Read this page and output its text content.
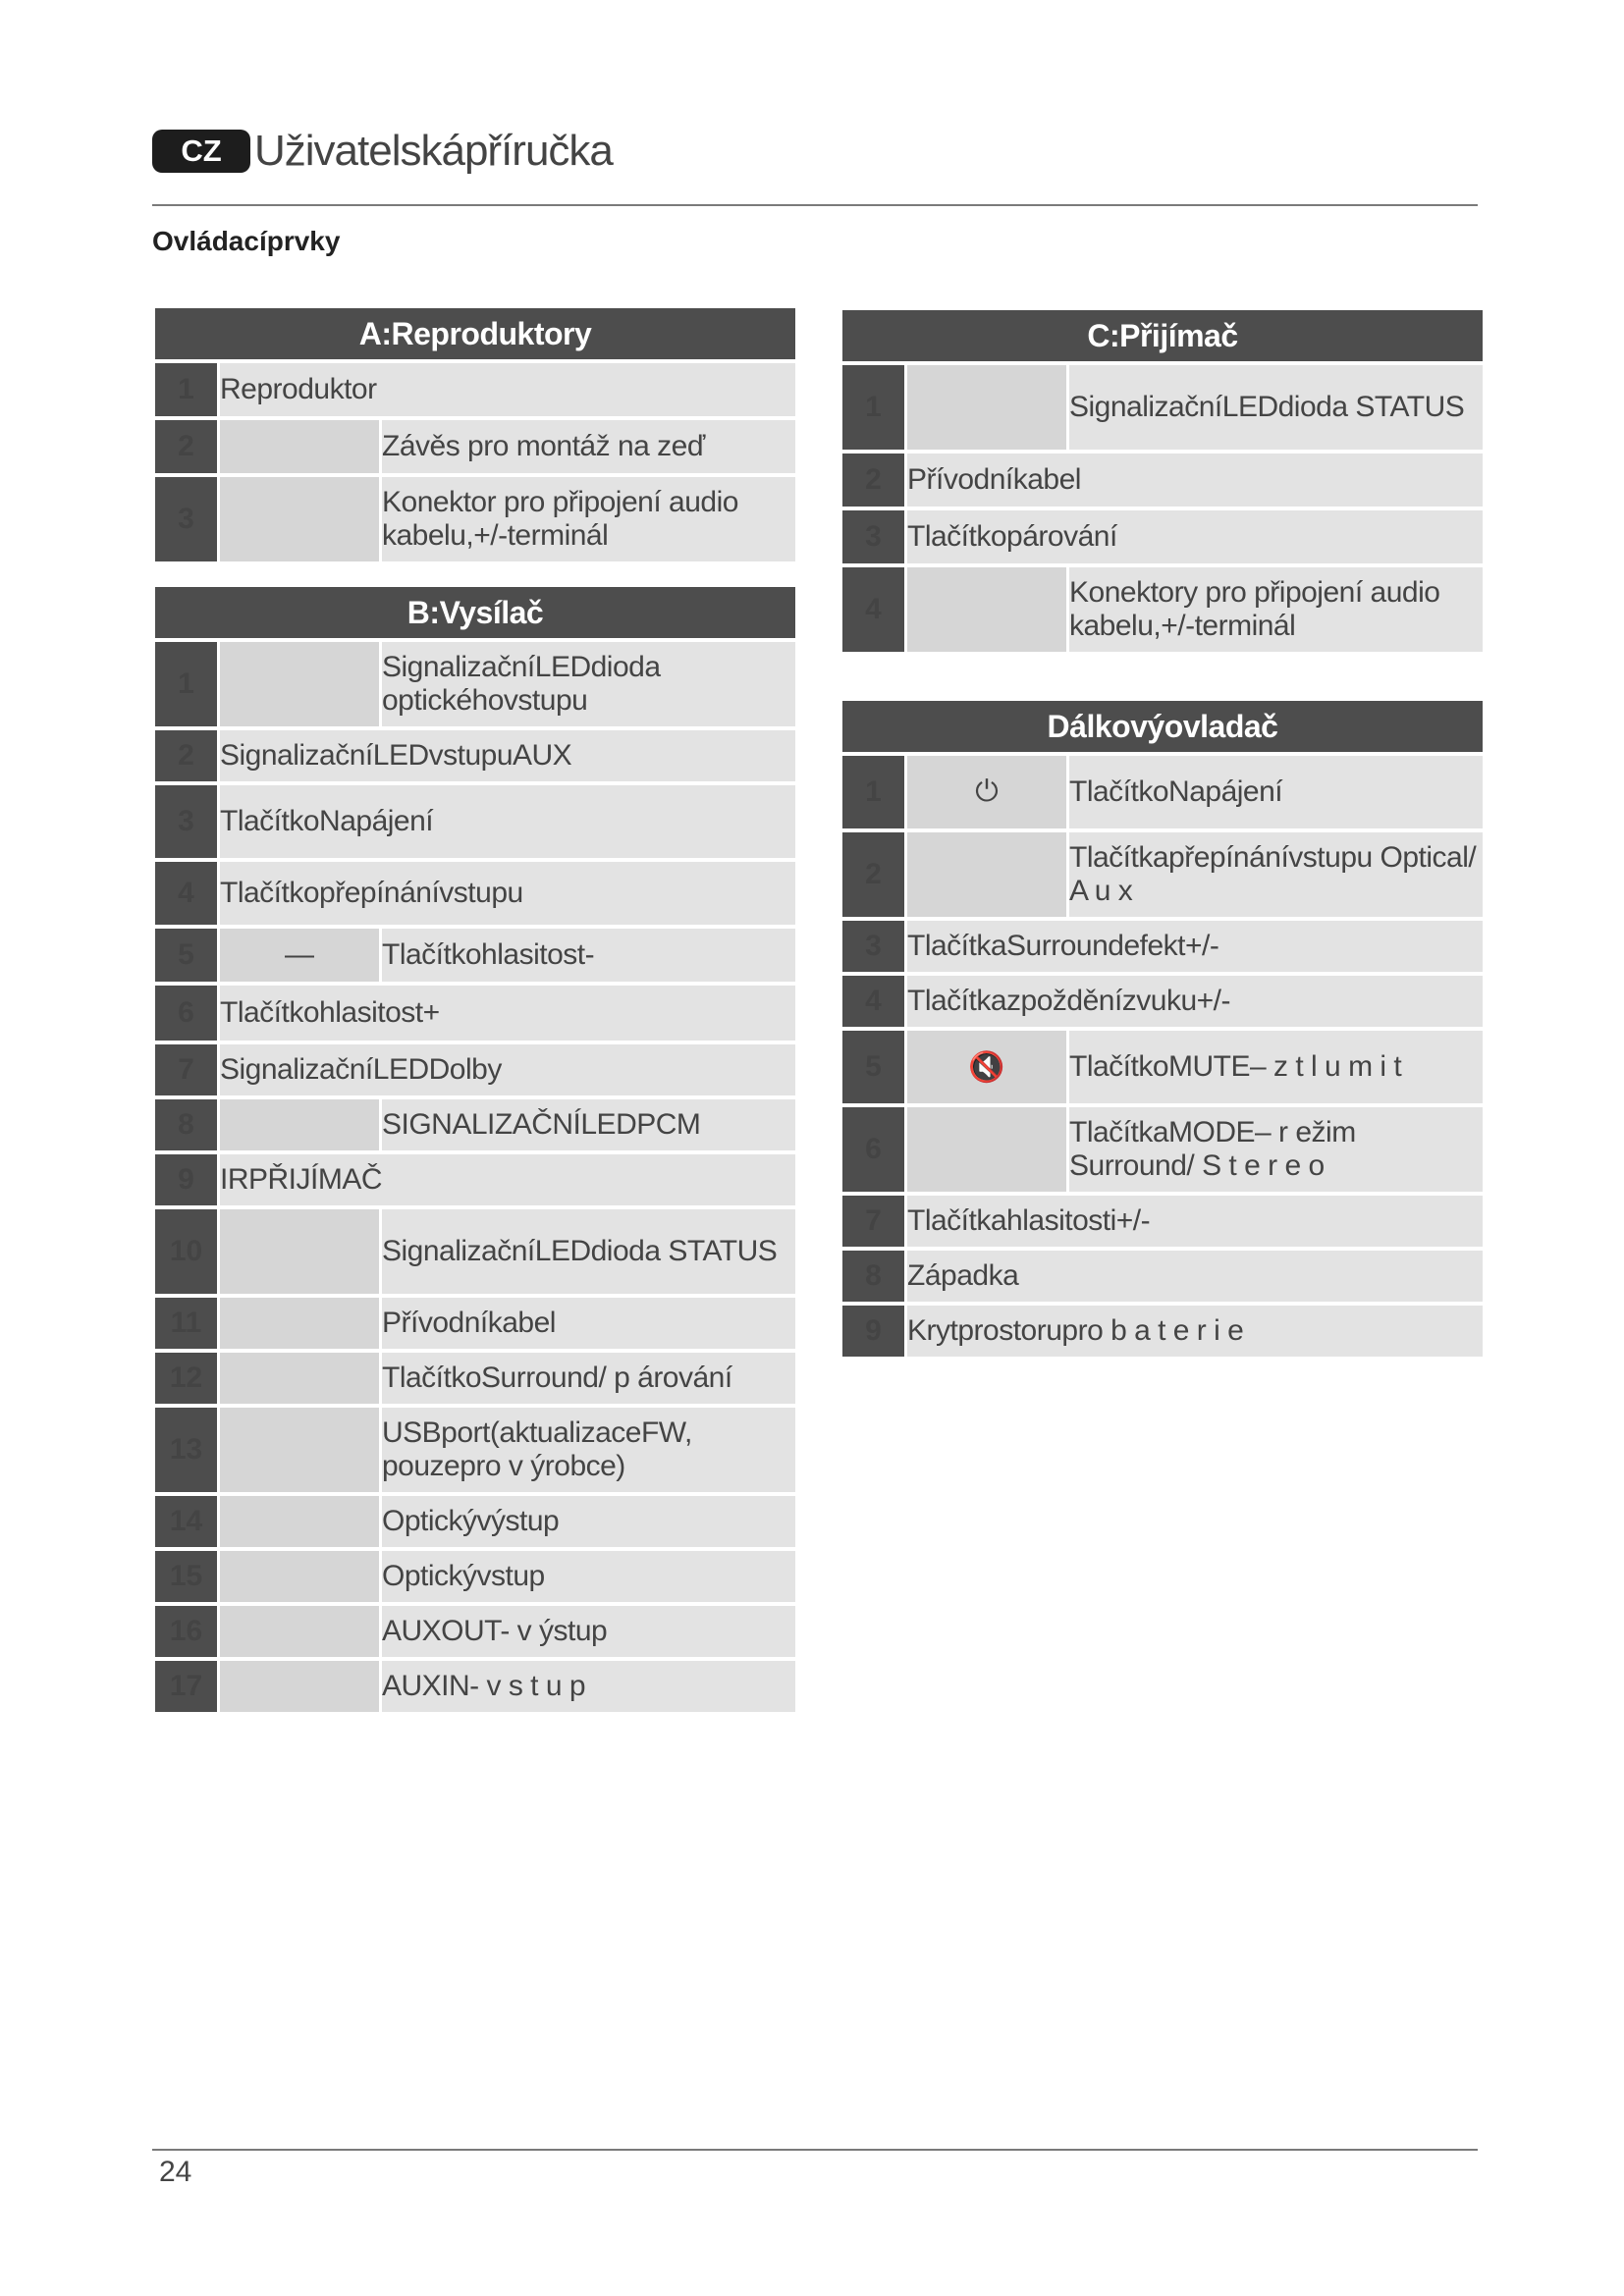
CZ Uživatelskápříručka
Ovládacíprvky
A:Reproduktory		
1	Reproduktor	
2		Závěs pro montáž na zeď
3		Konektor pro připojení audio kabelu,+/-terminál
B:Vysílač		
1		SignalizačníLEDdioda optickéhovstupu
2	SignalizačníLEDvstupuAUX	
3	TlačítkoNapájení	
4	Tlačítkopřepínánívstupu	
5	—	Tlačítkohlasitost-
6	Tlačítkohlasitost+	
7	SignalizačníLEDDolby	
8		SIGNALIZAČNÍLEDPCM
9	IRPŘIJÍMAČ	
10		SignalizačníLEDdioda STATUS
11		Přívodníkabel
12		TlačítkoSurround/ p árování
13		USBport(aktualizaceFW, pouzepro v ýrobce)
14		Optickývýstup
15		Optickývstup
16		AUXOUT- v ýstup
17		AUXIN- v s t u p
C:Přijímač		
1		SignalizačníLEDdioda STATUS
2	Přívodníkabel	
3	Tlačítkopárování	
4		Konektory pro připojení audio kabelu,+/-terminál
Dálkovýovladač		
1	⏻	TlačítkoNapájení
2		Tlačítkapřepínánívstupu Optical/ A u x
3	TlačítkaSurroundefekt+/-	
4	Tlačítkazpožděnízvuku+/-	
5	🔇	TlačítkoMUTE– z t l u m i t
6		TlačítkaMODE– r ežim Surround/ S t e r e o
7	Tlačítkahlasitosti+/-	
8	Západka	
9	Krytprostorupro b a t e r i e	
24
